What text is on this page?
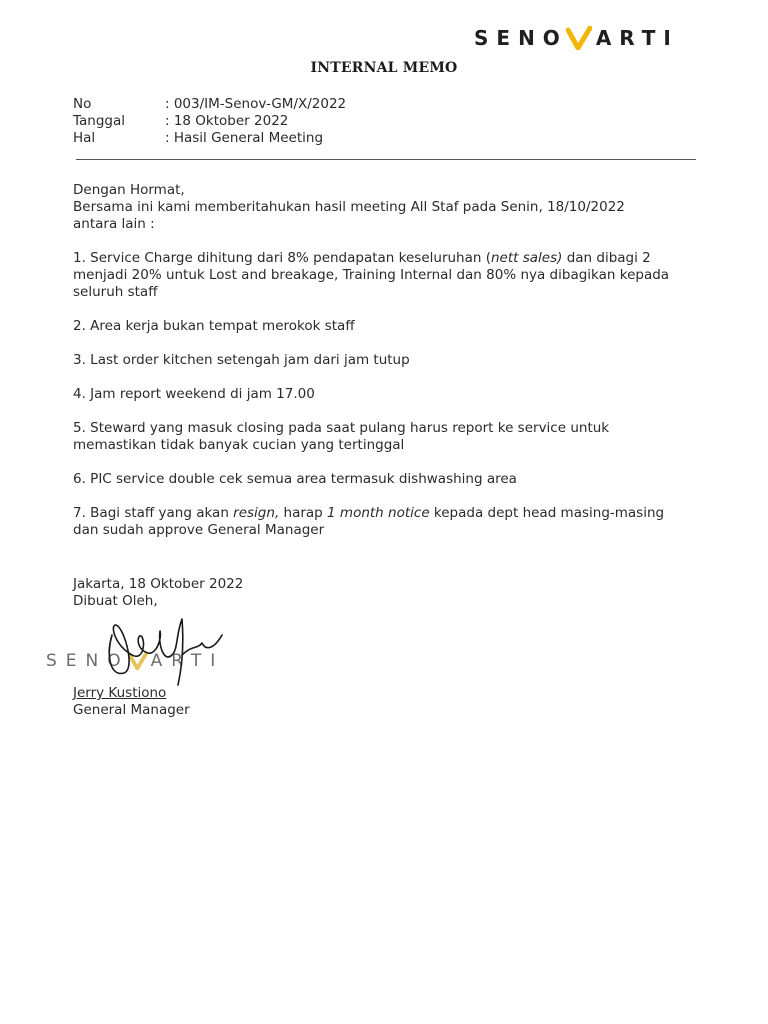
SENO ARTI
INTERNAL MEMO
No	: 003/IM-Senov-GM/X/2022
Tanggal	: 18 Oktober 2022
Hal	: Hasil General Meeting

Dengan Hormat,

Bersama ini kami memberitahukan hasil meeting All Staf pada Senin, 18/10/2022

antara lain :

1. Service Charge dihitung dari 8% pendapatan keseluruhan (nett sales) dan dibagi 2

menjadi 20% untuk Lost and breakage, Training Internal dan 80% nya dibagikan kepada

seluruh staff

2. Area kerja bukan tempat merokok staff

3. Last order kitchen setengah jam dari jam tutup

4. Jam report weekend di jam 17.00

5. Steward yang masuk closing pada saat pulang harus report ke service untuk

memastikan tidak banyak cucian yang tertinggal

6. PIC service double cek semua area termasuk dishwashing area

7. Bagi staff yang akan resign, harap 1 month notice kepada dept head masing-masing

dan sudah approve General Manager

Jakarta, 18 Oktober 2022
Dibuat Oleh,
SENO ARTI
Jerry Kustiono
General Manager
